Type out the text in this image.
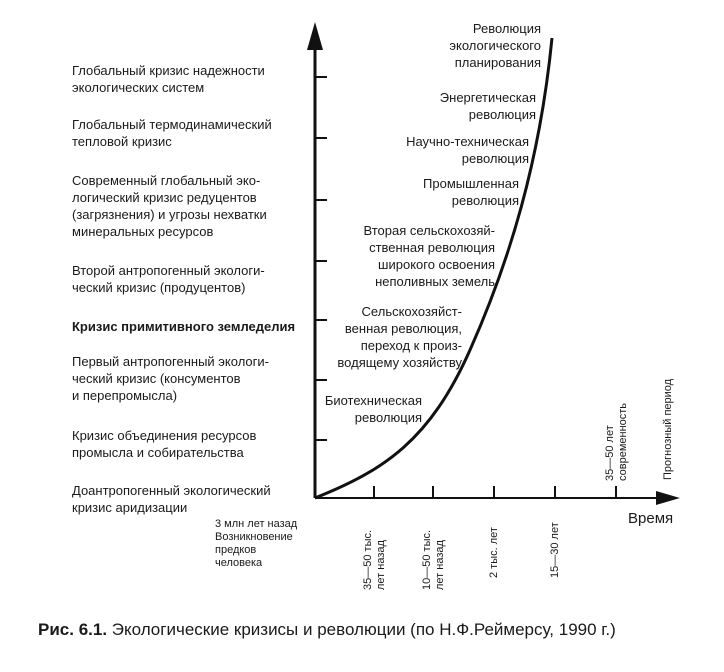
Глобальный кризис надежности
экологических систем
Глобальный термодинамический
тепловой кризис
Современный глобальный эко-
логический кризис редуцентов
(загрязнения) и угрозы нехватки
минеральных ресурсов
Второй антропогенный экологи-
ческий кризис (продуцентов)
Кризис примитивного земледелия
Первый антропогенный экологи-
ческий кризис (консументов
и перепромысла)
Кризис объединения ресурсов
промысла и собирательства
Доантропогенный экологический
кризис аридизации
Революция
экологического
планирования
Энергетическая
революция
Научно-техническая
революция
Промышленная
революция
Вторая сельскохозяй-
ственная революция
широкого освоения
неполивных земель
Сельскохозяйст-
венная революция,
переход к произ-
водящему хозяйству
Биотехническая
революция
3 млн лет назад
Возникновение
предков
человека	35—50 тыс.
лет назад	10—50 тыс.
лет назад	2 тыс. лет	15—30 лет
35—50 лет
современность	Прогнозный период
Время
Рис. 6.1. Экологические кризисы и революции (по Н.Ф.Реймерсу, 1990 г.)
